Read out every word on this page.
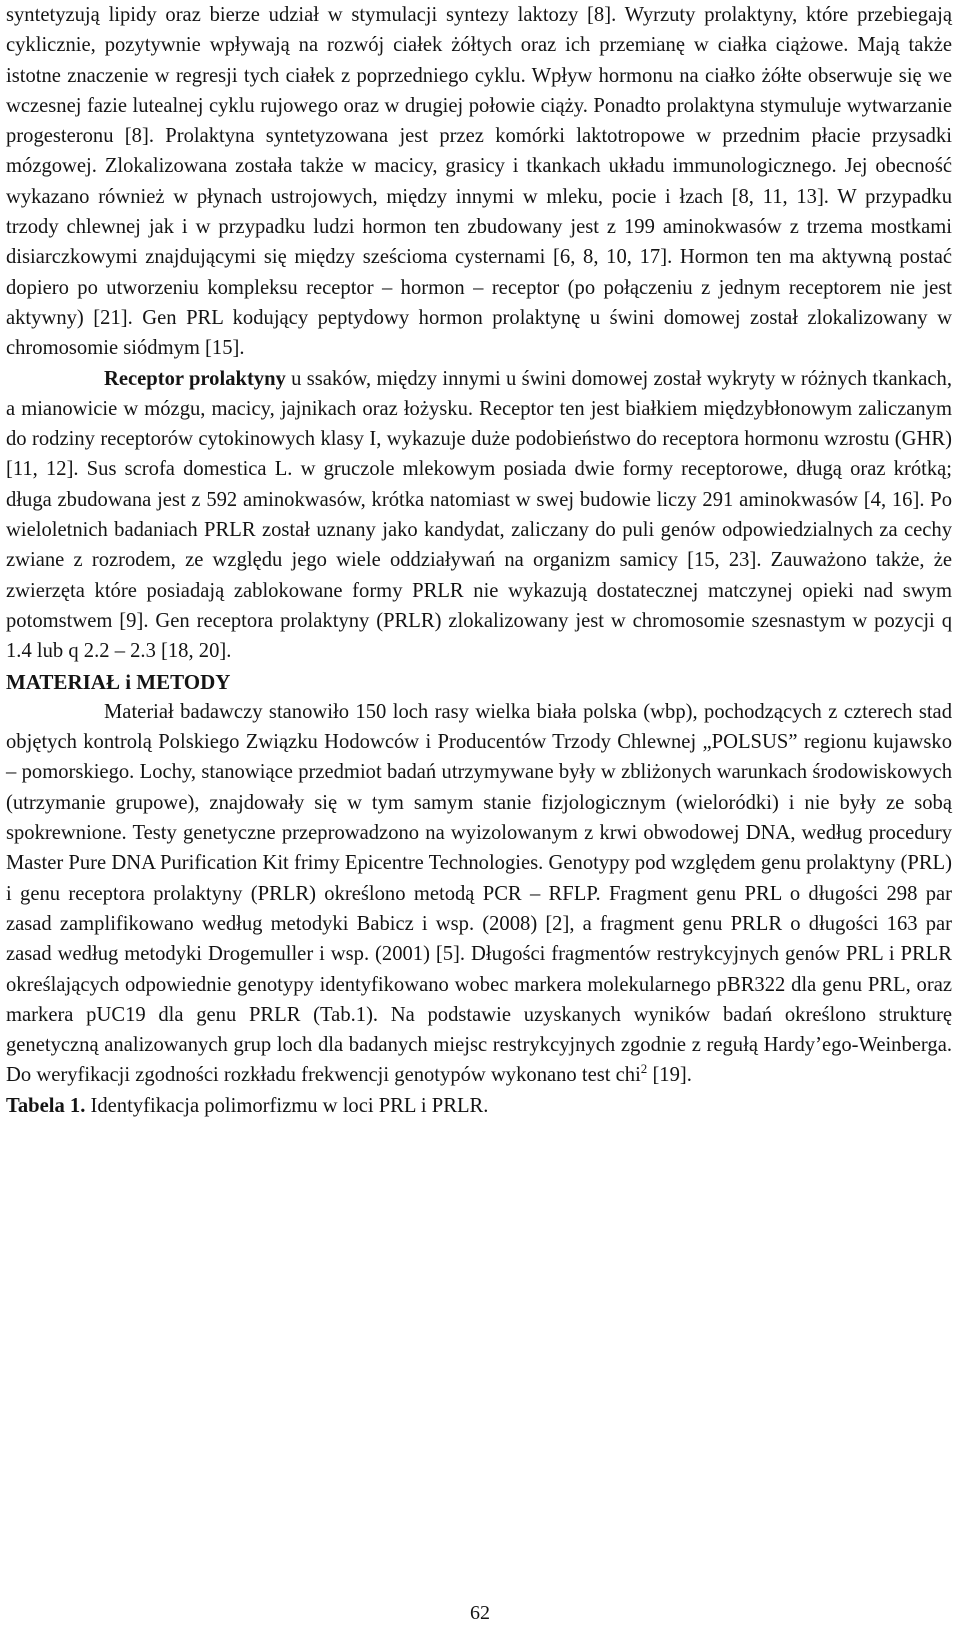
syntetyzują lipidy oraz bierze udział w stymulacji syntezy laktozy [8]. Wyrzuty prolaktyny, które przebiegają cyklicznie, pozytywnie wpływają na rozwój ciałek żółtych oraz ich przemianę w ciałka ciążowe. Mają także istotne znaczenie w regresji tych ciałek z poprzedniego cyklu. Wpływ hormonu na ciałko żółte obserwuje się we wczesnej fazie lutealnej cyklu rujowego oraz w drugiej połowie ciąży. Ponadto prolaktyna stymuluje wytwarzanie progesteronu [8]. Prolaktyna syntetyzowana jest przez komórki laktotropowe w przednim płacie przysadki mózgowej. Zlokalizowana została także w macicy, grasicy i tkankach układu immunologicznego. Jej obecność wykazano również w płynach ustrojowych, między innymi w mleku, pocie i łzach [8, 11, 13]. W przypadku trzody chlewnej jak i w przypadku ludzi hormon ten zbudowany jest z 199 aminokwasów z trzema mostkami disiarczkowymi znajdującymi się między sześcioma cysternami [6, 8, 10, 17]. Hormon ten ma aktywną postać dopiero po utworzeniu kompleksu receptor – hormon – receptor (po połączeniu z jednym receptorem nie jest aktywny) [21]. Gen PRL kodujący peptydowy hormon prolaktynę u świni domowej został zlokalizowany w chromosomie siódmym [15].

Receptor prolaktyny u ssaków, między innymi u świni domowej został wykryty w różnych tkankach, a mianowicie w mózgu, macicy, jajnikach oraz łożysku. Receptor ten jest białkiem międzybłonowym zaliczanym do rodziny receptorów cytokinowych klasy I, wykazuje duże podobieństwo do receptora hormonu wzrostu (GHR) [11, 12]. Sus scrofa domestica L. w gruczole mlekowym posiada dwie formy receptorowe, długą oraz krótką; długa zbudowana jest z 592 aminokwasów, krótka natomiast w swej budowie liczy 291 aminokwasów [4, 16]. Po wieloletnich badaniach PRLR został uznany jako kandydat, zaliczany do puli genów odpowiedzialnych za cechy zwiane z rozrodem, ze względu jego wiele oddziaływań na organizm samicy [15, 23]. Zauważono także, że zwierzęta które posiadają zablokowane formy PRLR nie wykazują dostatecznej matczynej opieki nad swym potomstwem [9]. Gen receptora prolaktyny (PRLR) zlokalizowany jest w chromosomie szesnastym w pozycji q 1.4 lub q 2.2 – 2.3 [18, 20].

MATERIAŁ i METODY

Materiał badawczy stanowiło 150 loch rasy wielka biała polska (wbp), pochodzących z czterech stad objętych kontrolą Polskiego Związku Hodowców i Producentów Trzody Chlewnej „POLSUS” regionu kujawsko – pomorskiego. Lochy, stanowiące przedmiot badań utrzymywane były w zbliżonych warunkach środowiskowych (utrzymanie grupowe), znajdowały się w tym samym stanie fizjologicznym (wieloródki) i nie były ze sobą spokrewnione. Testy genetyczne przeprowadzono na wyizolowanym z krwi obwodowej DNA, według procedury Master Pure DNA Purification Kit frimy Epicentre Technologies. Genotypy pod względem genu prolaktyny (PRL) i genu receptora prolaktyny (PRLR) określono metodą PCR – RFLP. Fragment genu PRL o długości 298 par zasad zamplifikowano według metodyki Babicz i wsp. (2008) [2], a fragment genu PRLR o długości 163 par zasad według metodyki Drogemuller i wsp. (2001) [5]. Długości fragmentów restrykcyjnych genów PRL i PRLR określających odpowiednie genotypy identyfikowano wobec markera molekularnego pBR322 dla genu PRL, oraz markera pUC19 dla genu PRLR (Tab.1). Na podstawie uzyskanych wyników badań określono strukturę genetyczną analizowanych grup loch dla badanych miejsc restrykcyjnych zgodnie z regułą Hardy’ego-Weinberga. Do weryfikacji zgodności rozkładu frekwencji genotypów wykonano test chi$^2$ [19].

Tabela 1. Identyfikacja polimorfizmu w loci PRL i PRLR.

62
